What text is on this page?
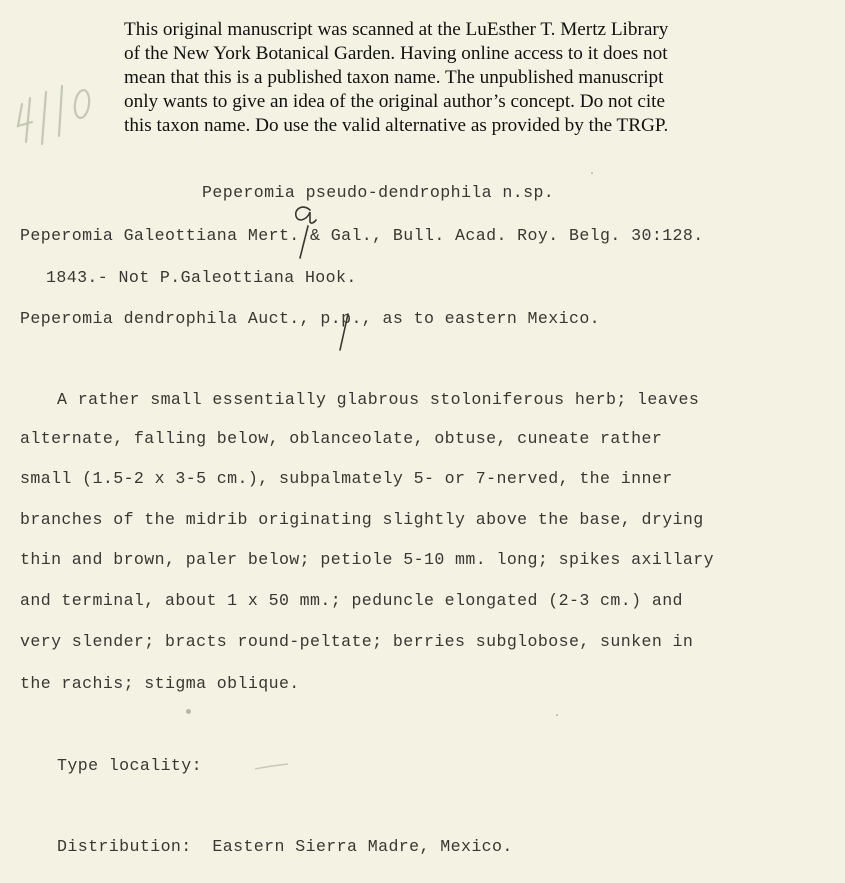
This original manuscript was scanned at the LuEsther T. Mertz Library
of the New York Botanical Garden. Having online access to it does not
mean that this is a published taxon name. The unpublished manuscript
only wants to give an idea of the original author’s concept. Do not cite
this taxon name. Do use the valid alternative as provided by the TRGP.
Peperomia pseudo-dendrophila n.sp.
Peperomia Galeottiana Mert. & Gal., Bull. Acad. Roy. Belg. 30:128.
1843.- Not P.Galeottiana Hook.
Peperomia dendrophila Auct., p.p., as to eastern Mexico.
A rather small essentially glabrous stoloniferous herb; leaves
alternate, falling below, oblanceolate, obtuse, cuneate rather
small (1.5-2 x 3-5 cm.), subpalmately 5- or 7-nerved, the inner
branches of the midrib originating slightly above the base, drying
thin and brown, paler below; petiole 5-10 mm. long; spikes axillary
and terminal, about 1 x 50 mm.; peduncle elongated (2-3 cm.) and
very slender; bracts round-peltate; berries subglobose, sunken in
the rachis; stigma oblique.
Type locality:
Distribution:  Eastern Sierra Madre, Mexico.
